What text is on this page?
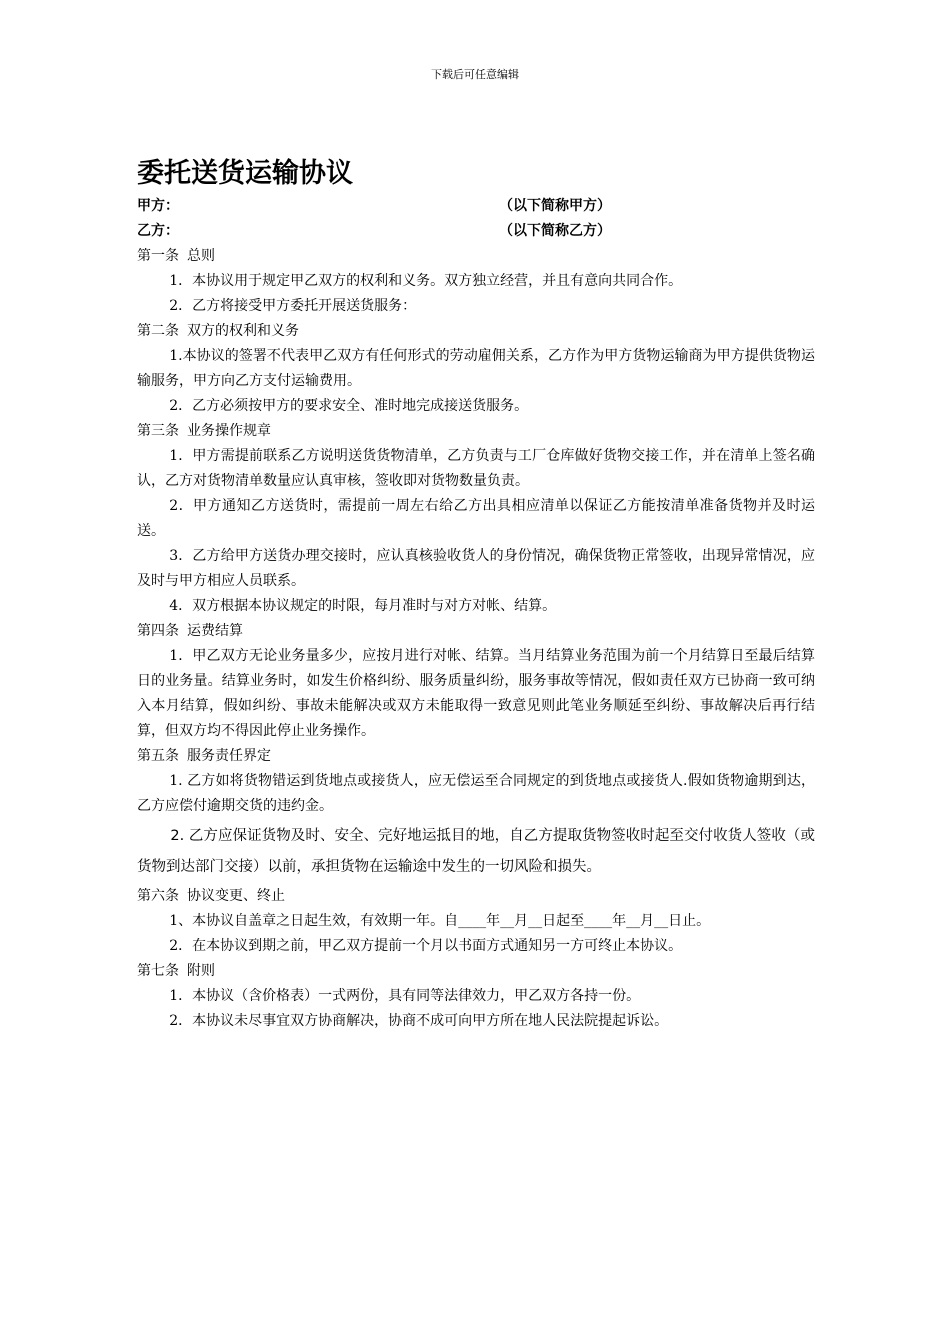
下载后可任意编辑
委托送货运输协议
甲方：	（以下简称甲方）
乙方：	（以下简称乙方）
第一条 总则
1．本协议用于规定甲乙双方的权利和义务。双方独立经营，并且有意向共同合作。
2．乙方将接受甲方委托开展送货服务：
第二条 双方的权利和义务
1.本协议的签署不代表甲乙双方有任何形式的劳动雇佣关系，乙方作为甲方货物运输商为甲方提供货物运输服务，甲方向乙方支付运输费用。
2．乙方必须按甲方的要求安全、准时地完成接送货服务。
第三条 业务操作规章
1．甲方需提前联系乙方说明送货货物清单，乙方负责与工厂仓库做好货物交接工作，并在清单上签名确认，乙方对货物清单数量应认真审核，签收即对货物数量负责。
2．甲方通知乙方送货时，需提前一周左右给乙方出具相应清单以保证乙方能按清单准备货物并及时运送。
3．乙方给甲方送货办理交接时，应认真核验收货人的身份情况，确保货物正常签收，出现异常情况，应及时与甲方相应人员联系。
4．双方根据本协议规定的时限，每月准时与对方对帐、结算。
第四条 运费结算
1．甲乙双方无论业务量多少，应按月进行对帐、结算。当月结算业务范围为前一个月结算日至最后结算日的业务量。结算业务时，如发生价格纠纷、服务质量纠纷，服务事故等情况，假如责任双方已协商一致可纳入本月结算，假如纠纷、事故未能解决或双方未能取得一致意见则此笔业务顺延至纠纷、事故解决后再行结算，但双方均不得因此停止业务操作。
第五条 服务责任界定
1. 乙方如将货物错运到货地点或接货人，应无偿运至合同规定的到货地点或接货人.假如货物逾期到达，乙方应偿付逾期交货的违约金。
2. 乙方应保证货物及时、安全、完好地运抵目的地，自乙方提取货物签收时起至交付收货人签收（或货物到达部门交接）以前，承担货物在运输途中发生的一切风险和损失。
第六条 协议变更、终止
1、本协议自盖章之日起生效，有效期一年。自____年__月__日起至____年__月__日止。
2．在本协议到期之前，甲乙双方提前一个月以书面方式通知另一方可终止本协议。
第七条 附则
1．本协议（含价格表）一式两份，具有同等法律效力，甲乙双方各持一份。
2．本协议未尽事宜双方协商解决，协商不成可向甲方所在地人民法院提起诉讼。
